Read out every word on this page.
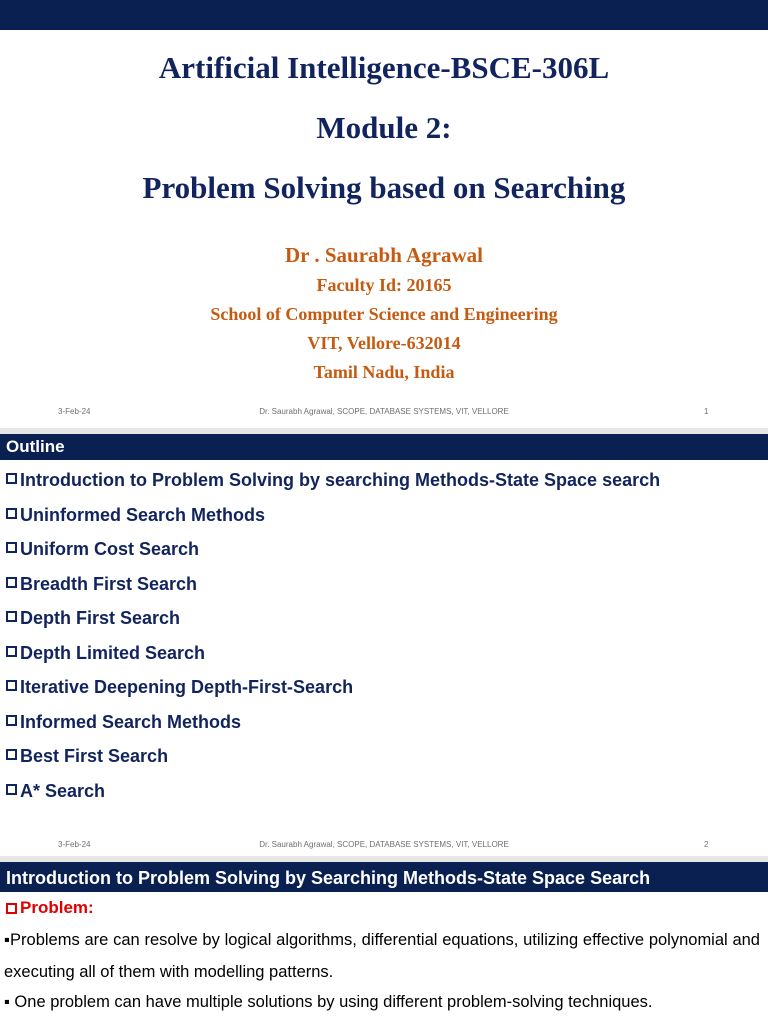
Artificial Intelligence-BSCE-306L

Module 2:

Problem Solving based on Searching

Dr . Saurabh Agrawal

Faculty Id: 20165

School of Computer Science and Engineering

VIT, Vellore-632014

Tamil Nadu, India

3-Feb-24	Dr. Saurabh Agrawal, SCOPE, DATABASE SYSTEMS, VIT, VELLORE	1
Outline
Introduction to Problem Solving by searching Methods-State Space search
Uninformed Search Methods
Uniform Cost Search
Breadth First Search
Depth First Search
Depth Limited Search
Iterative Deepening Depth-First-Search
Informed Search Methods
Best First Search
A* Search
3-Feb-24	Dr. Saurabh Agrawal, SCOPE, DATABASE SYSTEMS, VIT, VELLORE	2
Introduction to Problem Solving by Searching Methods-State Space Search
Problem:

▪Problems are can resolve by logical algorithms, differential equations, utilizing effective polynomial and executing all of them with modelling patterns.

▪ One problem can have multiple solutions by using different problem-solving techniques.
